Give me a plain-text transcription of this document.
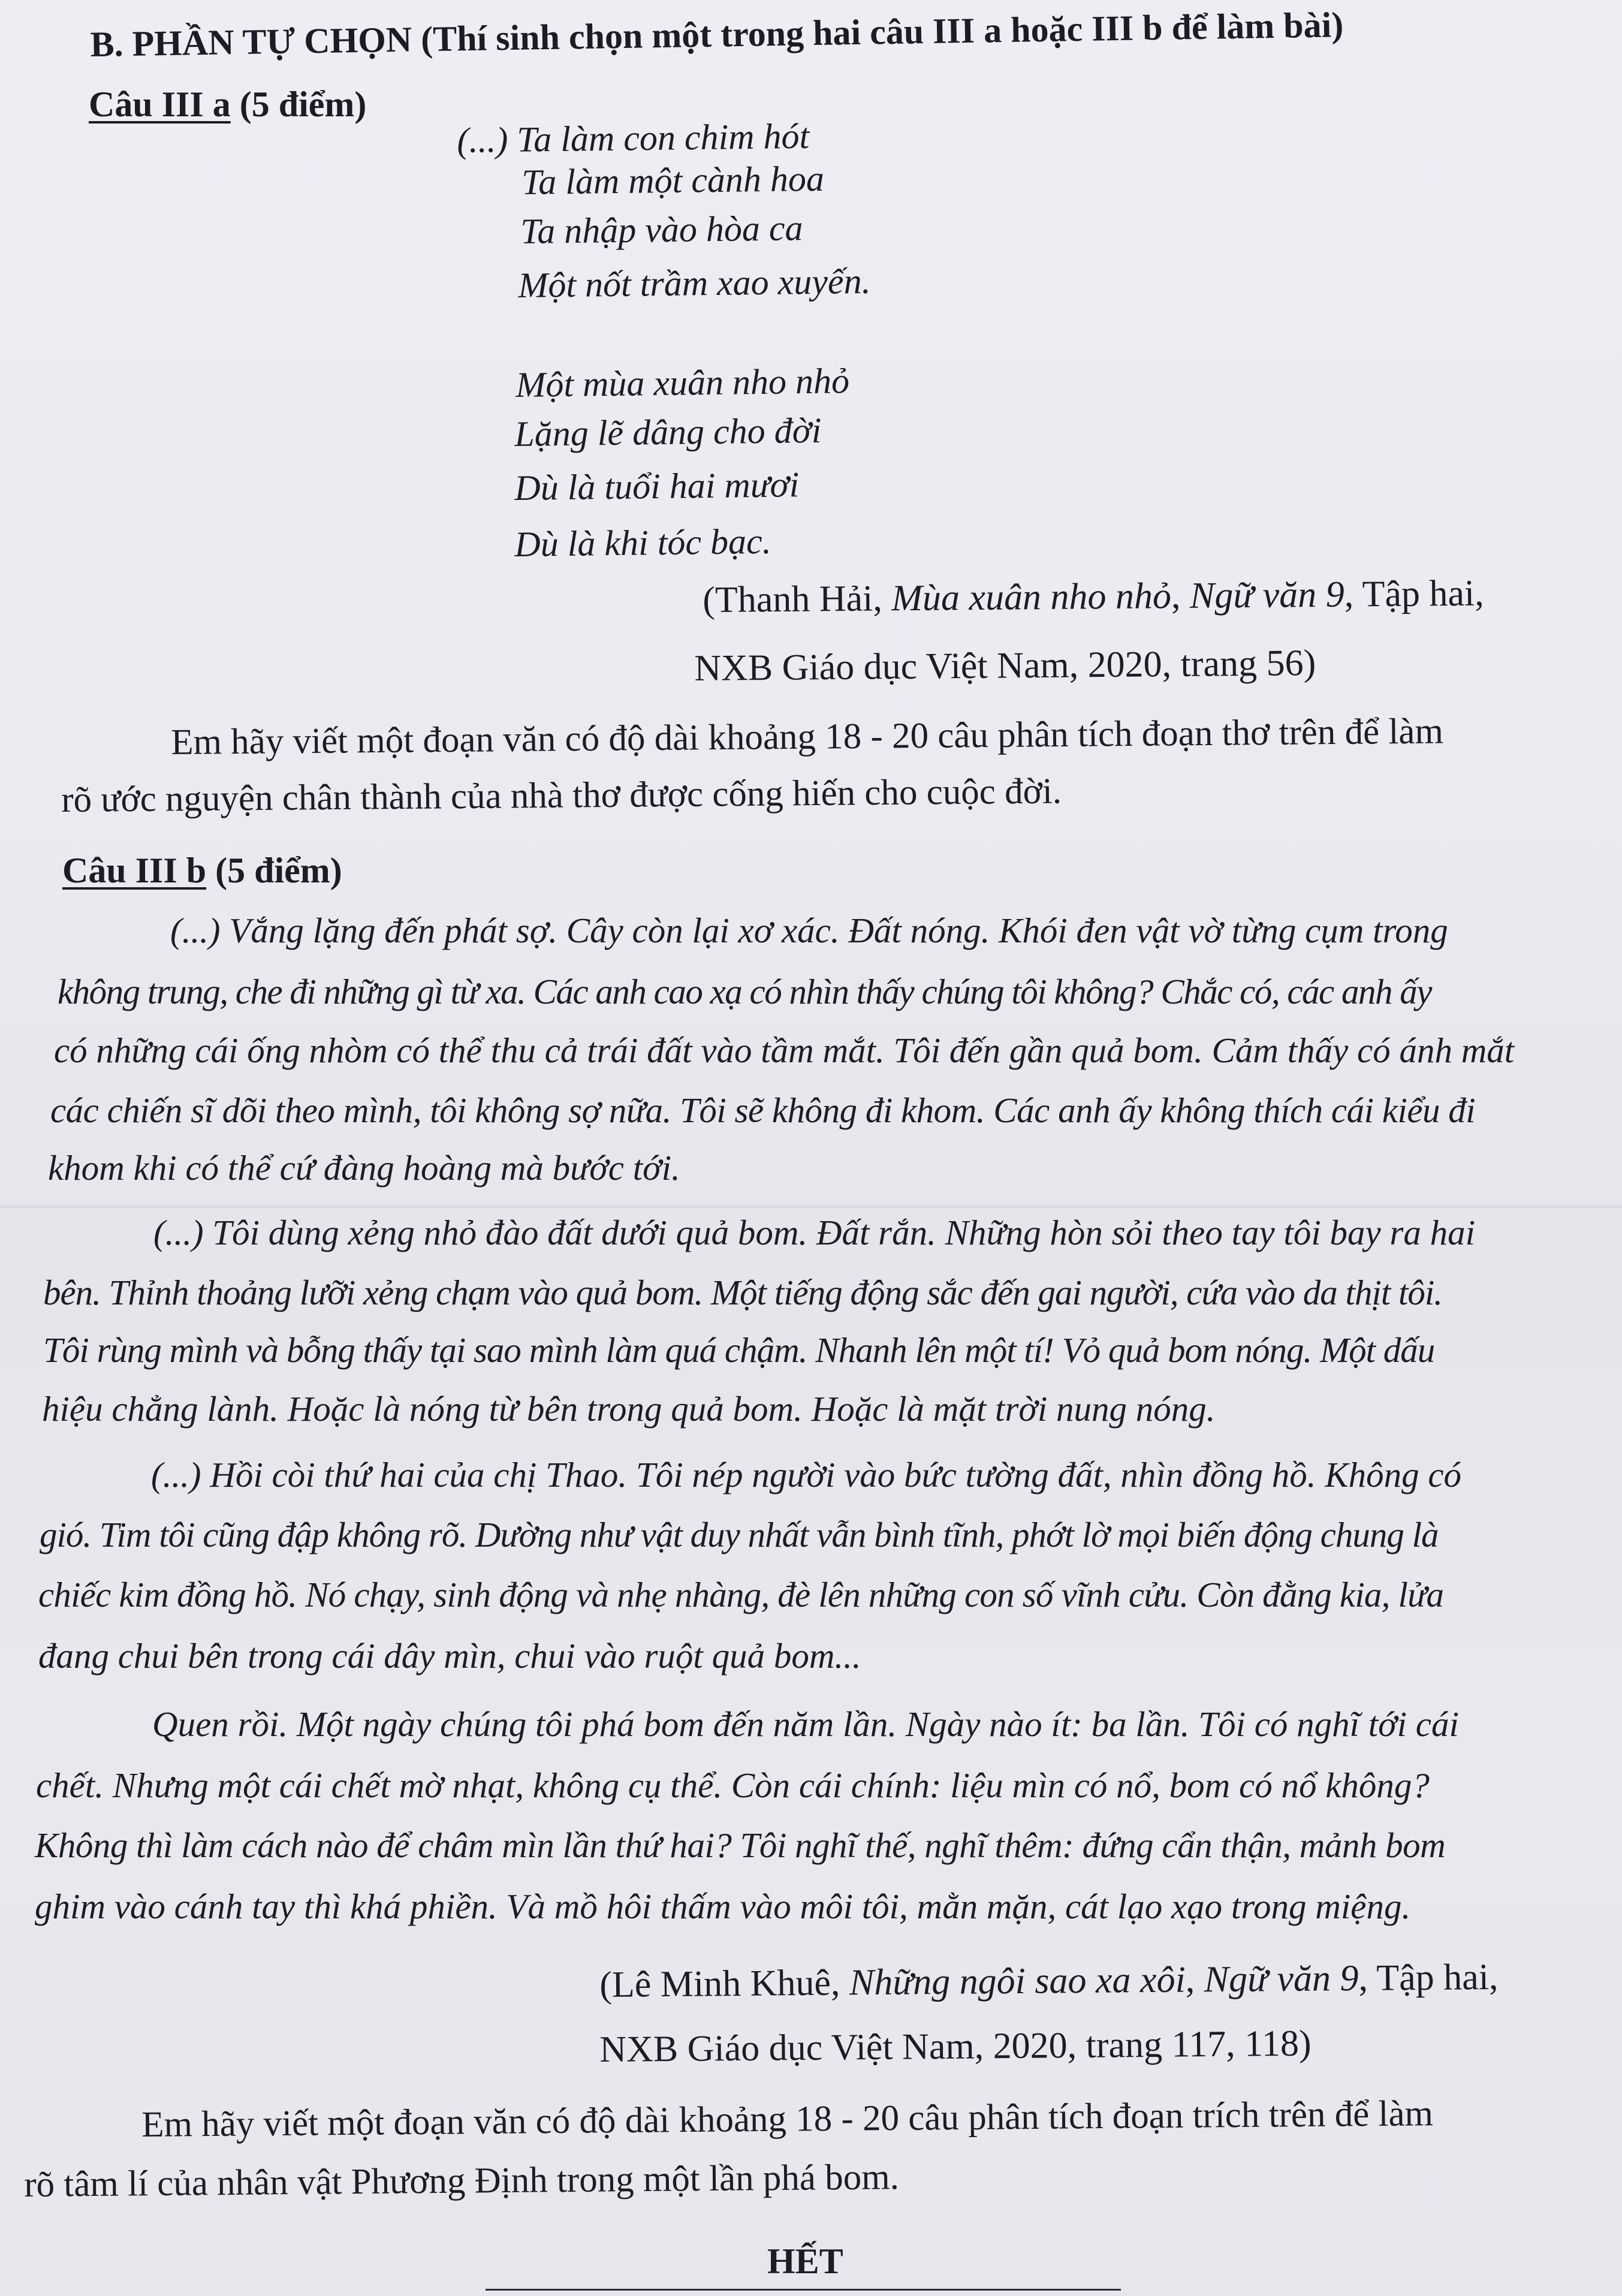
B. PHẦN TỰ CHỌN (Thí sinh chọn một trong hai câu III a hoặc III b để làm bài)
Câu III a (5 điểm)
(...) Ta làm con chim hót
Ta làm một cành hoa
Ta nhập vào hòa ca
Một nốt trầm xao xuyến.
Một mùa xuân nho nhỏ
Lặng lẽ dâng cho đời
Dù là tuổi hai mươi
Dù là khi tóc bạc.
(Thanh Hải, Mùa xuân nho nhỏ, Ngữ văn 9, Tập hai,
NXB Giáo dục Việt Nam, 2020, trang 56)
Em hãy viết một đoạn văn có độ dài khoảng 18 - 20 câu phân tích đoạn thơ trên để làm
rõ ước nguyện chân thành của nhà thơ được cống hiến cho cuộc đời.
Câu III b (5 điểm)
(...) Vắng lặng đến phát sợ. Cây còn lại xơ xác. Đất nóng. Khói đen vật vờ từng cụm trong
không trung, che đi những gì từ xa. Các anh cao xạ có nhìn thấy chúng tôi không? Chắc có, các anh ấy
có những cái ống nhòm có thể thu cả trái đất vào tầm mắt. Tôi đến gần quả bom. Cảm thấy có ánh mắt
các chiến sĩ dõi theo mình, tôi không sợ nữa. Tôi sẽ không đi khom. Các anh ấy không thích cái kiểu đi
khom khi có thể cứ đàng hoàng mà bước tới.
(...) Tôi dùng xẻng nhỏ đào đất dưới quả bom. Đất rắn. Những hòn sỏi theo tay tôi bay ra hai
bên. Thỉnh thoảng lưỡi xẻng chạm vào quả bom. Một tiếng động sắc đến gai người, cứa vào da thịt tôi.
Tôi rùng mình và bỗng thấy tại sao mình làm quá chậm. Nhanh lên một tí! Vỏ quả bom nóng. Một dấu
hiệu chẳng lành. Hoặc là nóng từ bên trong quả bom. Hoặc là mặt trời nung nóng.
(...) Hồi còi thứ hai của chị Thao. Tôi nép người vào bức tường đất, nhìn đồng hồ. Không có
gió. Tim tôi cũng đập không rõ. Dường như vật duy nhất vẫn bình tĩnh, phớt lờ mọi biến động chung là
chiếc kim đồng hồ. Nó chạy, sinh động và nhẹ nhàng, đè lên những con số vĩnh cửu. Còn đằng kia, lửa
đang chui bên trong cái dây mìn, chui vào ruột quả bom...
Quen rồi. Một ngày chúng tôi phá bom đến năm lần. Ngày nào ít: ba lần. Tôi có nghĩ tới cái
chết. Nhưng một cái chết mờ nhạt, không cụ thể. Còn cái chính: liệu mìn có nổ, bom có nổ không?
Không thì làm cách nào để châm mìn lần thứ hai? Tôi nghĩ thế, nghĩ thêm: đứng cẩn thận, mảnh bom
ghim vào cánh tay thì khá phiền. Và mồ hôi thấm vào môi tôi, mằn mặn, cát lạo xạo trong miệng.
(Lê Minh Khuê, Những ngôi sao xa xôi, Ngữ văn 9, Tập hai,
NXB Giáo dục Việt Nam, 2020, trang 117, 118)
Em hãy viết một đoạn văn có độ dài khoảng 18 - 20 câu phân tích đoạn trích trên để làm
rõ tâm lí của nhân vật Phương Định trong một lần phá bom.
HẾT
